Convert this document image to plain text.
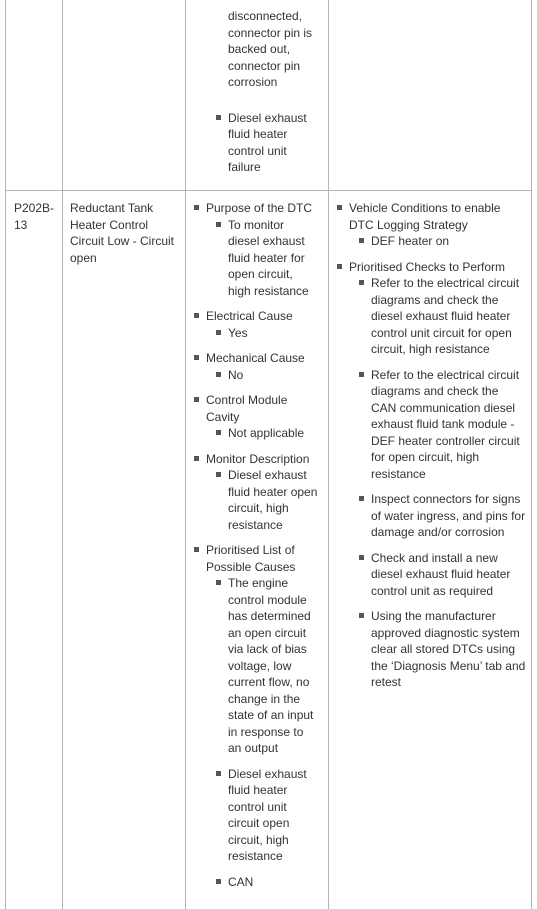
disconnected, connector pin is backed out, connector pin corrosion
Diesel exhaust fluid heater control unit failure
P202B-13
Reductant Tank Heater Control Circuit Low - Circuit open
Purpose of the DTC
To monitor diesel exhaust fluid heater for open circuit, high resistance
Electrical Cause
Yes
Mechanical Cause
No
Control Module Cavity
Not applicable
Monitor Description
Diesel exhaust fluid heater open circuit, high resistance
Prioritised List of Possible Causes
The engine control module has determined an open circuit via lack of bias voltage, low current flow, no change in the state of an input in response to an output
Diesel exhaust fluid heater control unit circuit open circuit, high resistance
CAN
Vehicle Conditions to enable DTC Logging Strategy
DEF heater on
Prioritised Checks to Perform
Refer to the electrical circuit diagrams and check the diesel exhaust fluid heater control unit circuit for open circuit, high resistance
Refer to the electrical circuit diagrams and check the CAN communication diesel exhaust fluid tank module - DEF heater controller circuit for open circuit, high resistance
Inspect connectors for signs of water ingress, and pins for damage and/or corrosion
Check and install a new diesel exhaust fluid heater control unit as required
Using the manufacturer approved diagnostic system clear all stored DTCs using the ‘Diagnosis Menu’ tab and retest
